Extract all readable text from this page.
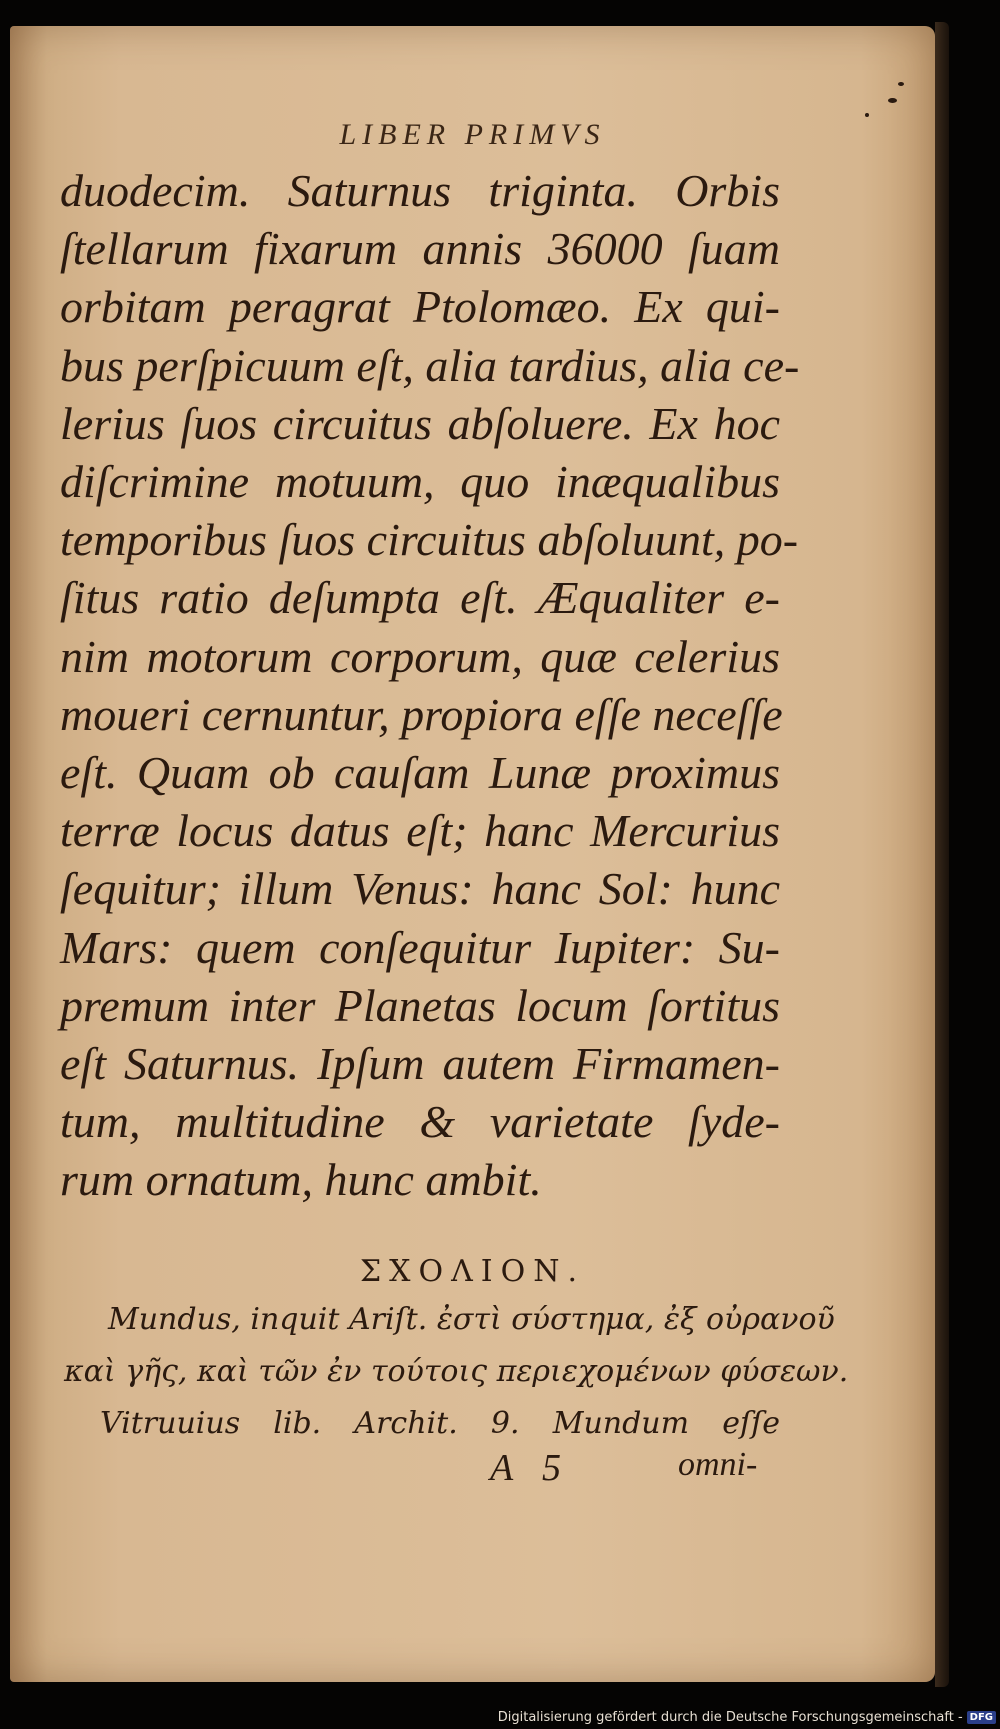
LIBER PRIMVS
duodecim. Saturnus triginta. Orbis
ſtellarum fixarum annis 36000 ſuam
orbitam peragrat Ptolomæo. Ex qui-
bus perſpicuum eſt, alia tardius, alia ce-
lerius ſuos circuitus abſoluere. Ex hoc
diſcrimine motuum, quo inæqualibus
temporibus ſuos circuitus abſoluunt, po-
ſitus ratio deſumpta eſt. Æqualiter e-
nim motorum corporum, quæ celerius
moueri cernuntur, propiora eſſe neceſſe
eſt. Quam ob cauſam Lunæ proximus
terræ locus datus eſt; hanc Mercurius
ſequitur; illum Venus: hanc Sol: hunc
Mars: quem conſequitur Iupiter: Su-
premum inter Planetas locum ſortitus
eſt Saturnus. Ipſum autem Firmamen-
tum, multitudine & varietate ſyde-
rum ornatum, hunc ambit.
ΣΧΟΛΙΟΝ.
Mundus, inquit Ariſt. ἐστὶ σύστημα, ἐξ οὐρανοῦ
καὶ γῆς, καὶ τῶν ἐν τούτοις περιεχομένων φύσεων.
Vitruuius lib. Archit. 9. Mundum eſſe
A 5	omni-
Digitalisierung gefördert durch die Deutsche Forschungsgemeinschaft - DFG
